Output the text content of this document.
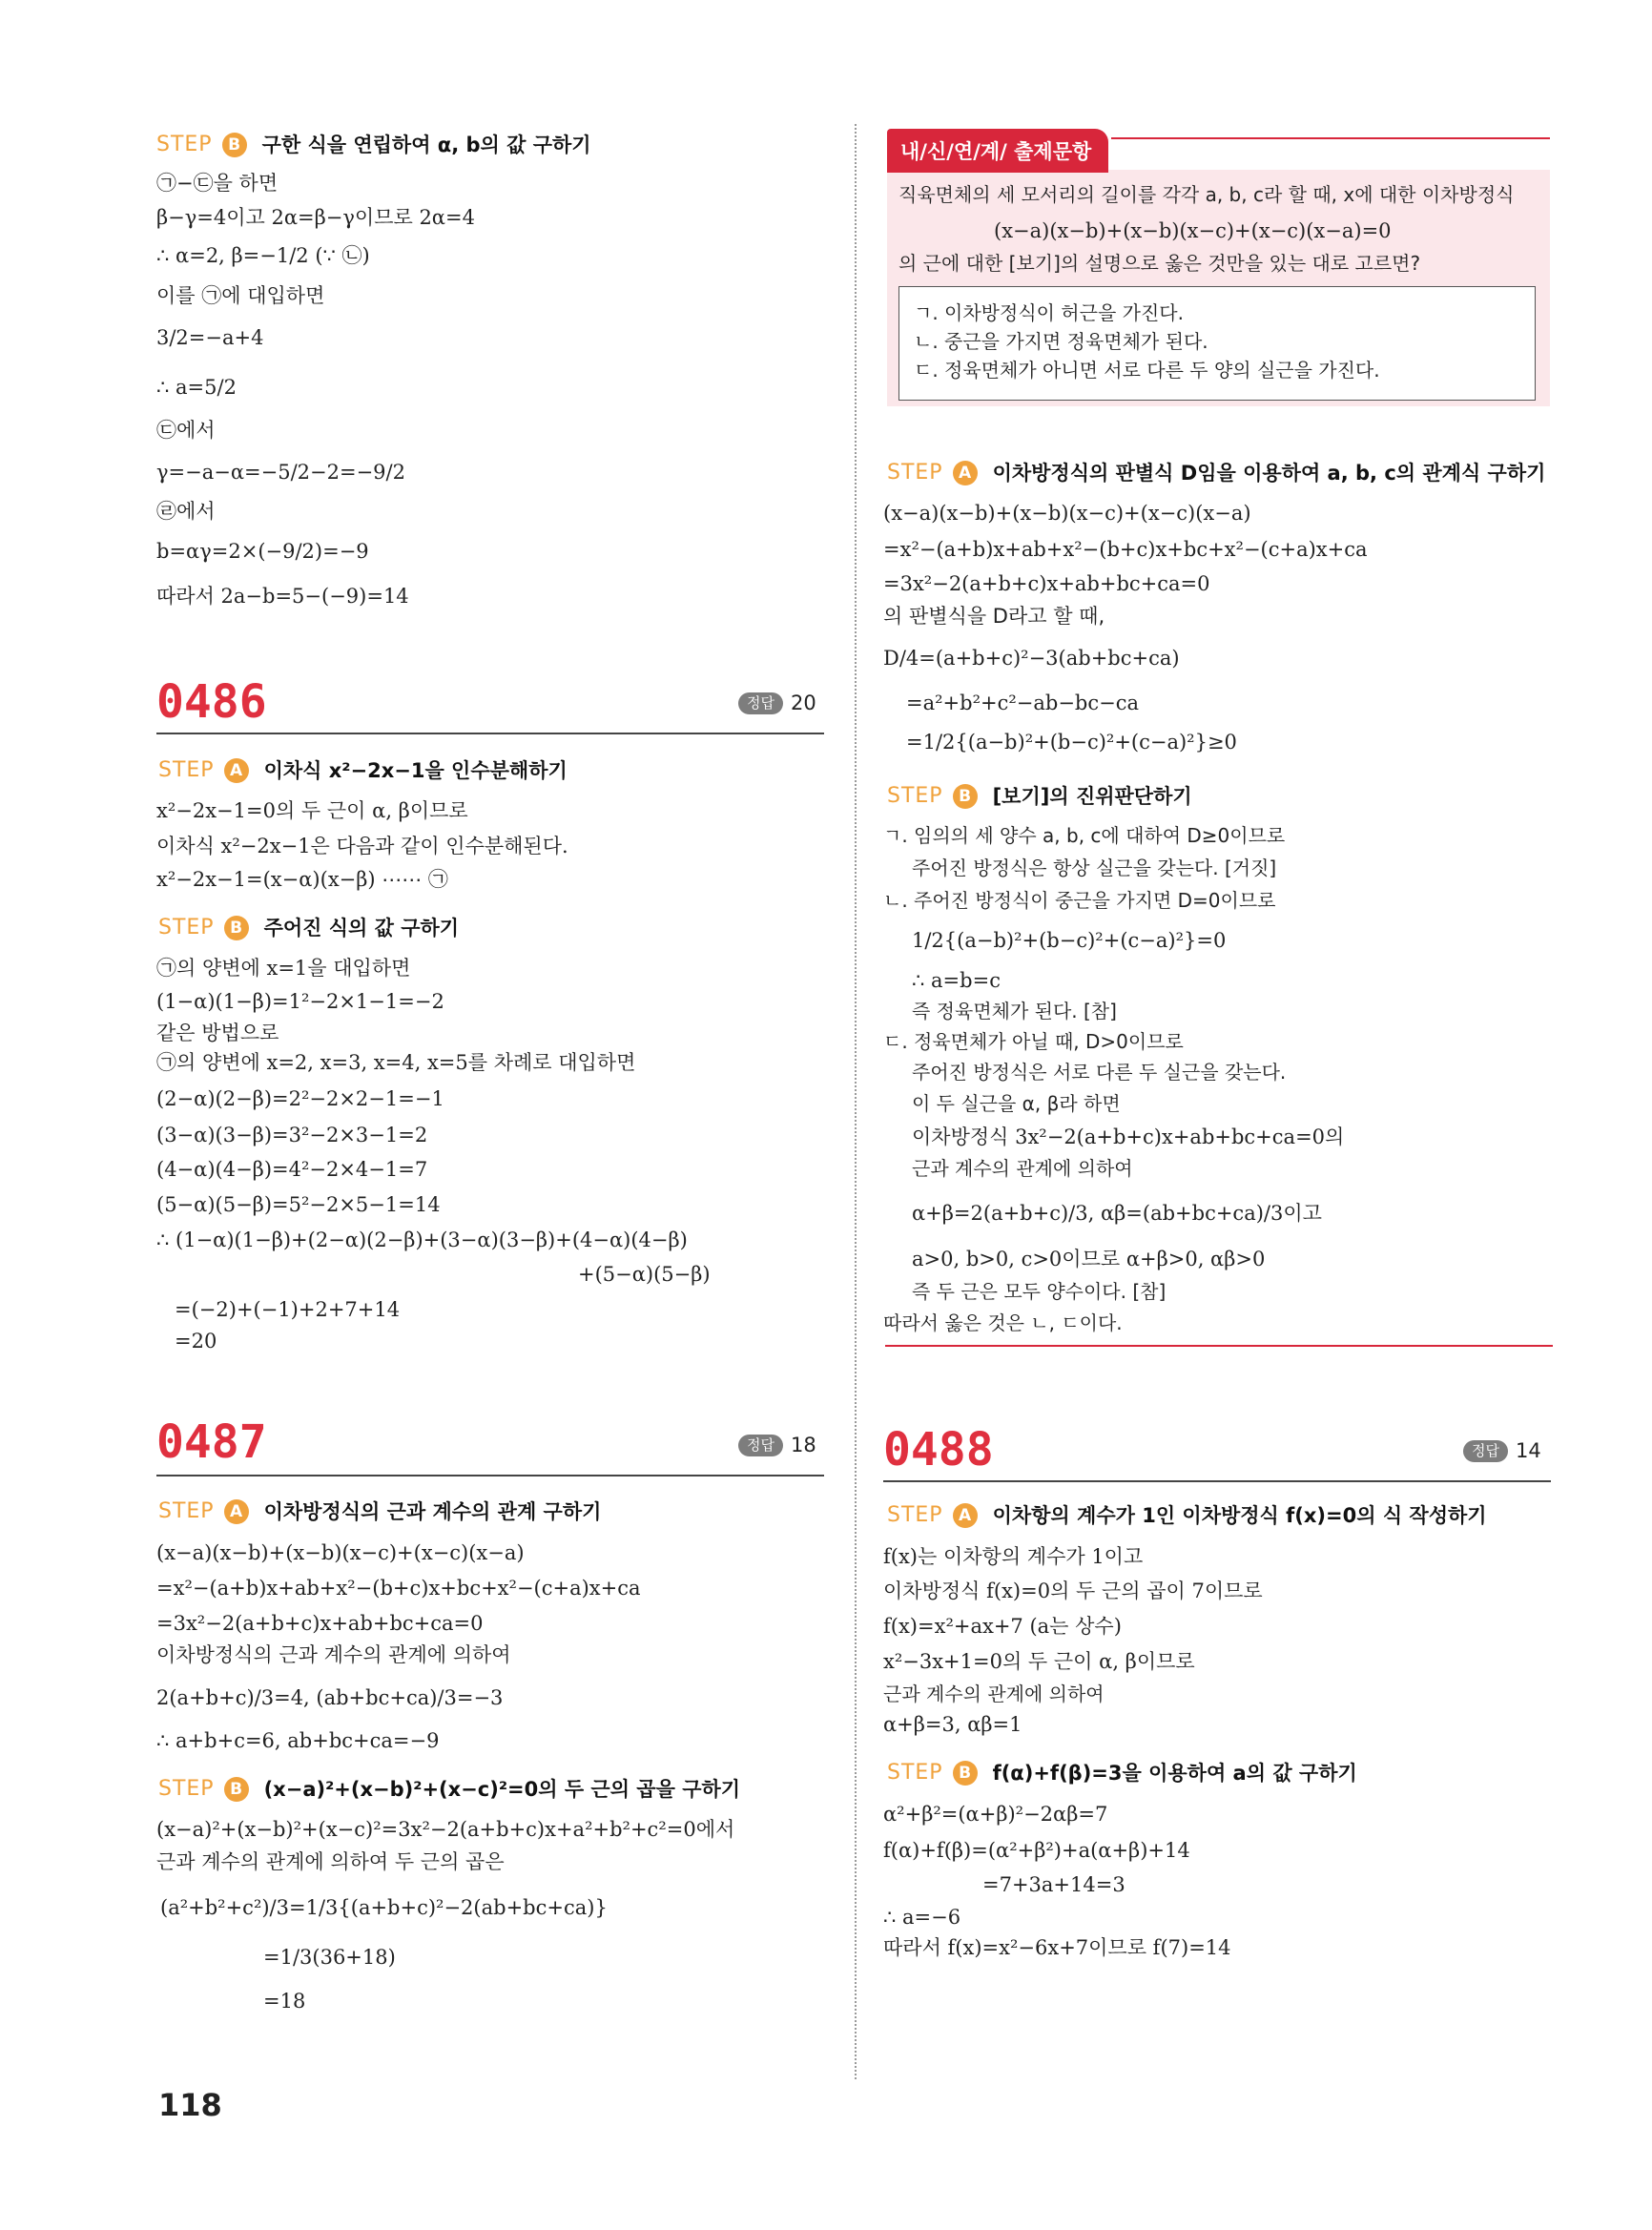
STEP B	구한 식을 연립하여 α, b의 값 구하기
㉠−㉢을 하면
β−γ=4이고 2α=β−γ이므로 2α=4
∴ α=2, β=−1/2 (∵ ㉡)
이를 ㉠에 대입하면
3/2=−a+4
∴ a=5/2
㉢에서
γ=−a−α=−5/2−2=−9/2
㉣에서
b=αγ=2×(−9/2)=−9
따라서 2a−b=5−(−9)=14
0486	정답 20
STEP A	이차식 x²−2x−1을 인수분해하기
x²−2x−1=0의 두 근이 α, β이므로
이차식 x²−2x−1은 다음과 같이 인수분해된다.
x²−2x−1=(x−α)(x−β) ⋯⋯ ㉠
STEP B	주어진 식의 값 구하기
㉠의 양변에 x=1을 대입하면
(1−α)(1−β)=1²−2×1−1=−2
같은 방법으로
㉠의 양변에 x=2, x=3, x=4, x=5를 차례로 대입하면
(2−α)(2−β)=2²−2×2−1=−1
(3−α)(3−β)=3²−2×3−1=2
(4−α)(4−β)=4²−2×4−1=7
(5−α)(5−β)=5²−2×5−1=14
∴ (1−α)(1−β)+(2−α)(2−β)+(3−α)(3−β)+(4−α)(4−β)
+(5−α)(5−β)
=(−2)+(−1)+2+7+14
=20
0487	정답 18
STEP A	이차방정식의 근과 계수의 관계 구하기
(x−a)(x−b)+(x−b)(x−c)+(x−c)(x−a)
=x²−(a+b)x+ab+x²−(b+c)x+bc+x²−(c+a)x+ca
=3x²−2(a+b+c)x+ab+bc+ca=0
이차방정식의 근과 계수의 관계에 의하여
2(a+b+c)/3=4, (ab+bc+ca)/3=−3
∴ a+b+c=6, ab+bc+ca=−9
STEP B	(x−a)²+(x−b)²+(x−c)²=0의 두 근의 곱을 구하기
(x−a)²+(x−b)²+(x−c)²=3x²−2(a+b+c)x+a²+b²+c²=0에서
근과 계수의 관계에 의하여 두 근의 곱은
(a²+b²+c²)/3=1/3{(a+b+c)²−2(ab+bc+ca)}
=1/3(36+18)
=18
118
내/신/연/계/ 출제문항
직육면체의 세 모서리의 길이를 각각 a, b, c라 할 때, x에 대한 이차방정식
(x−a)(x−b)+(x−b)(x−c)+(x−c)(x−a)=0
의 근에 대한 [보기]의 설명으로 옳은 것만을 있는 대로 고르면?
ㄱ. 이차방정식이 허근을 가진다.
ㄴ. 중근을 가지면 정육면체가 된다.
ㄷ. 정육면체가 아니면 서로 다른 두 양의 실근을 가진다.
STEP A	이차방정식의 판별식 D임을 이용하여 a, b, c의 관계식 구하기
(x−a)(x−b)+(x−b)(x−c)+(x−c)(x−a)
=x²−(a+b)x+ab+x²−(b+c)x+bc+x²−(c+a)x+ca
=3x²−2(a+b+c)x+ab+bc+ca=0
의 판별식을 D라고 할 때,
D/4=(a+b+c)²−3(ab+bc+ca)
=a²+b²+c²−ab−bc−ca
=1/2{(a−b)²+(b−c)²+(c−a)²}≥0
STEP B	[보기]의 진위판단하기
ㄱ. 임의의 세 양수 a, b, c에 대하여 D≥0이므로
주어진 방정식은 항상 실근을 갖는다. [거짓]
ㄴ. 주어진 방정식이 중근을 가지면 D=0이므로
1/2{(a−b)²+(b−c)²+(c−a)²}=0
∴ a=b=c
즉 정육면체가 된다. [참]
ㄷ. 정육면체가 아닐 때, D>0이므로
주어진 방정식은 서로 다른 두 실근을 갖는다.
이 두 실근을 α, β라 하면
이차방정식 3x²−2(a+b+c)x+ab+bc+ca=0의
근과 계수의 관계에 의하여
α+β=2(a+b+c)/3, αβ=(ab+bc+ca)/3이고
a>0, b>0, c>0이므로 α+β>0, αβ>0
즉 두 근은 모두 양수이다. [참]
따라서 옳은 것은 ㄴ, ㄷ이다.
0488	정답 14
STEP A	이차항의 계수가 1인 이차방정식 f(x)=0의 식 작성하기
f(x)는 이차항의 계수가 1이고
이차방정식 f(x)=0의 두 근의 곱이 7이므로
f(x)=x²+ax+7 (a는 상수)
x²−3x+1=0의 두 근이 α, β이므로
근과 계수의 관계에 의하여
α+β=3, αβ=1
STEP B	f(α)+f(β)=3을 이용하여 a의 값 구하기
α²+β²=(α+β)²−2αβ=7
f(α)+f(β)=(α²+β²)+a(α+β)+14
=7+3a+14=3
∴ a=−6
따라서 f(x)=x²−6x+7이므로 f(7)=14
